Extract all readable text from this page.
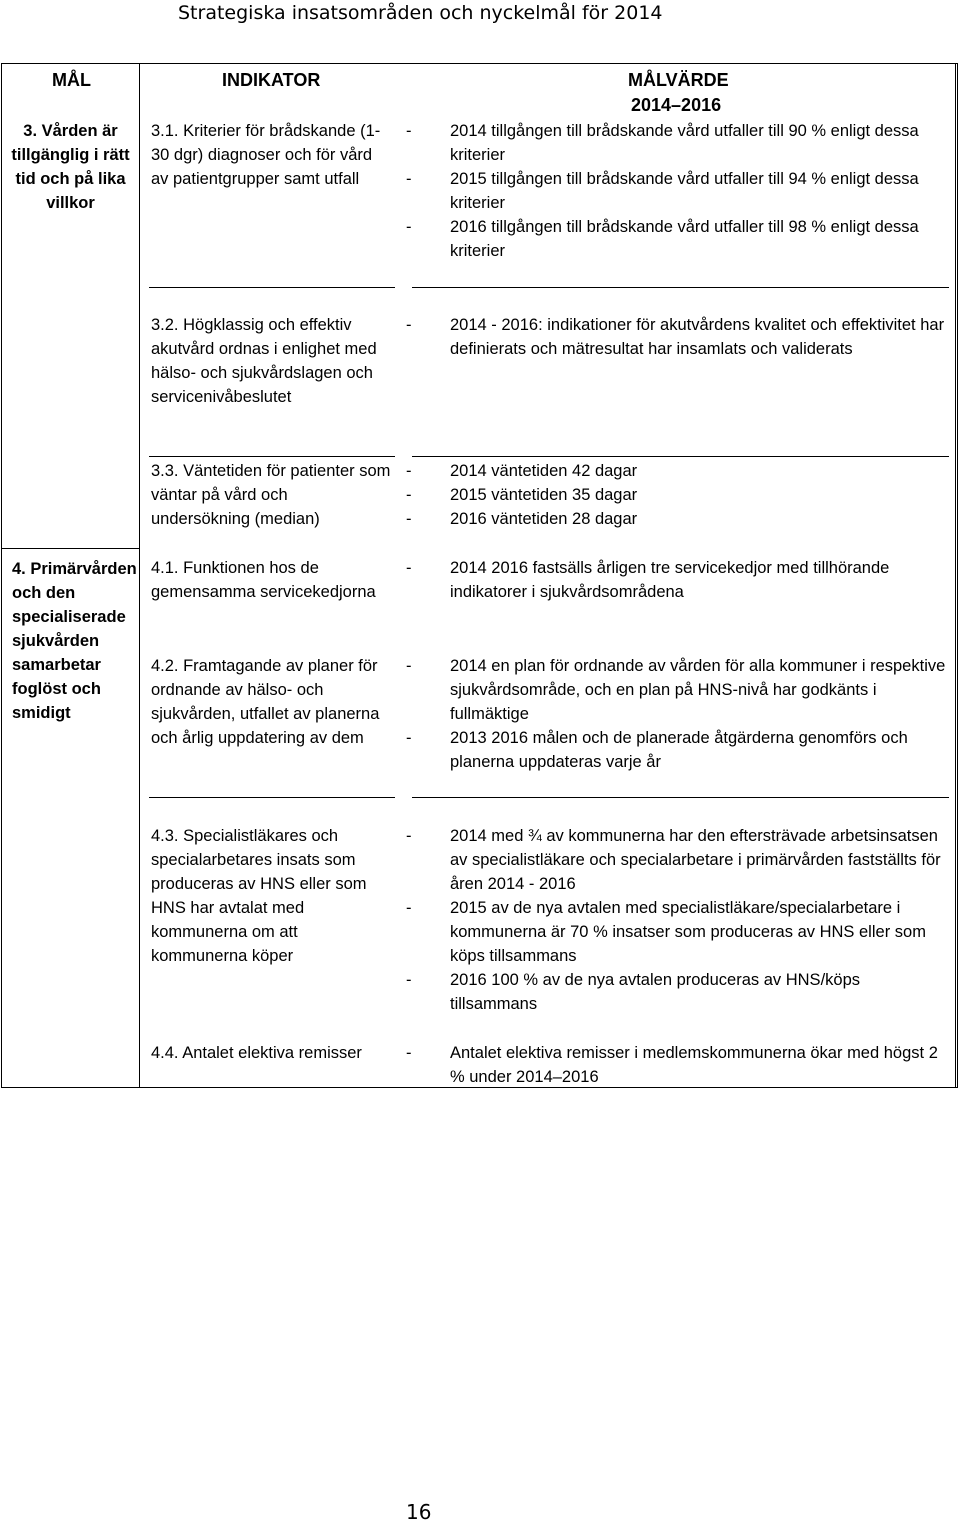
Strategiska insatsområden och nyckelmål för 2014
MÅL	INDIKATOR	MÅLVÄRDE
2014–2016
3. Vården är tillgänglig i rätt tid och på lika villkor
4. Primärvården och den specialiserade sjukvården samarbetar foglöst och smidigt
3.1. Kriterier för brådskande (1-30 dgr) diagnoser och för vård av patientgrupper samt utfall
- 2014 tillgången till brådskande vård utfaller till 90 % enligt dessa kriterier
- 2015 tillgången till brådskande vård utfaller till 94 % enligt dessa kriterier
- 2016 tillgången till brådskande vård utfaller till 98 % enligt dessa kriterier
3.2. Högklassig och effektiv akutvård ordnas i enlighet med hälso- och sjukvårdslagen och servicenivåbeslutet
- 2014 - 2016: indikationer för akutvårdens kvalitet och effektivitet har definierats och mätresultat har insamlats och validerats
3.3. Väntetiden för patienter som väntar på vård och undersökning (median)
- 2014 väntetiden 42 dagar
- 2015 väntetiden 35 dagar
- 2016 väntetiden 28 dagar
4.1. Funktionen hos de gemensamma servicekedjorna
- 2014 2016 fastsälls årligen tre servicekedjor med tillhörande indikatorer i sjukvårdsområdena
4.2. Framtagande av planer för ordnande av hälso- och sjukvården, utfallet av planerna och årlig uppdatering av dem
- 2014 en plan för ordnande av vården för alla kommuner i respektive sjukvårdsområde, och en plan på HNS-nivå har godkänts i fullmäktige
- 2013 2016 målen och de planerade åtgärderna genomförs och planerna uppdateras varje år
4.3. Specialistläkares och specialarbetares insats som produceras av HNS eller som HNS har avtalat med kommunerna om att kommunerna köper
- 2014 med ¾ av kommunerna har den eftersträvade arbetsinsatsen av specialistläkare och specialarbetare i primärvården fastställts för åren 2014 - 2016
- 2015 av de nya avtalen med specialistläkare/specialarbetare i kommunerna är 70 % insatser som produceras av HNS eller som köps tillsammans
- 2016 100 % av de nya avtalen produceras av HNS/köps tillsammans
4.4. Antalet elektiva remisser
-	Antalet elektiva remisser i medlemskommunerna ökar med högst 2 % under 2014–2016
16
